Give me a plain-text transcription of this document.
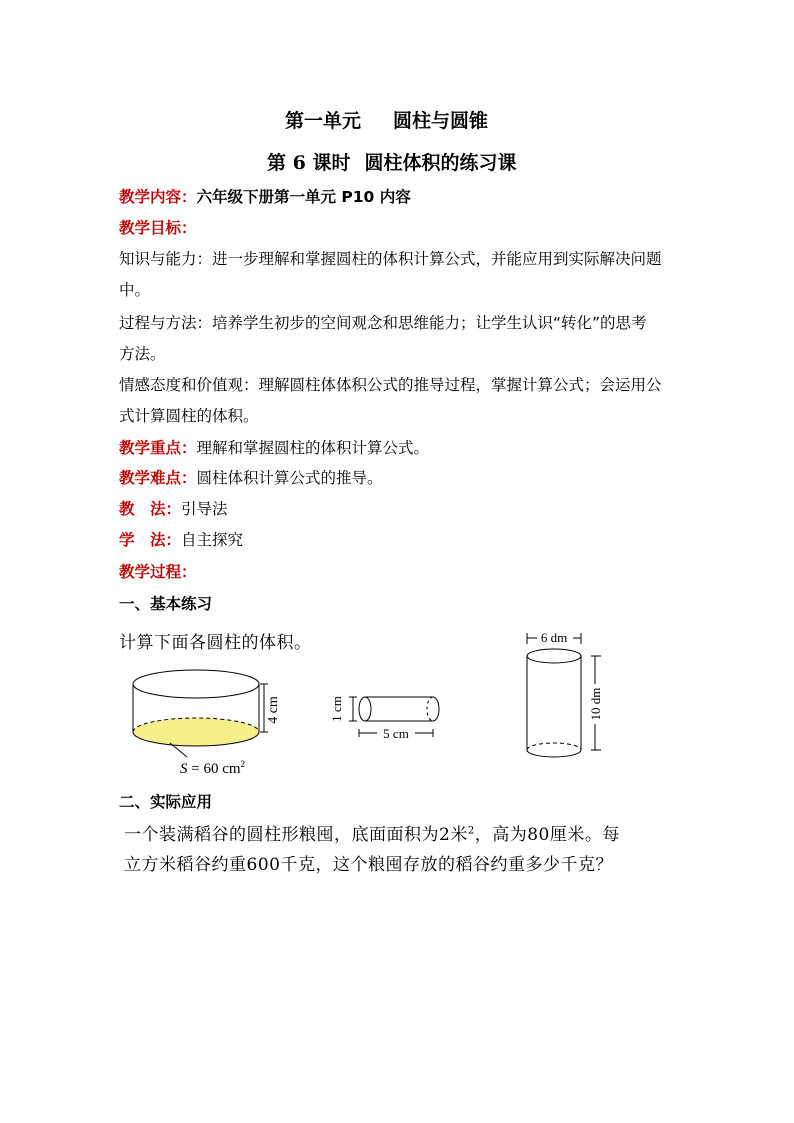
第一单元 圆柱与圆锥
第 6 课时 圆柱体积的练习课
教学内容：六年级下册第一单元 P10 内容
教学目标：
知识与能力：进一步理解和掌握圆柱的体积计算公式，并能应用到实际解决问题
中。
过程与方法：培养学生初步的空间观念和思维能力；让学生认识“转化”的思考
方法。
情感态度和价值观：理解圆柱体体积公式的推导过程，掌握计算公式；会运用公
式计算圆柱的体积。
教学重点：理解和掌握圆柱的体积计算公式。
教学难点：圆柱体积计算公式的推导。
教　法：引导法
学　法：自主探究
教学过程：
一、基本练习
计算下面各圆柱的体积。
4 cm
S = 60 $cm^2$
1 cm
5 cm
6 dm
10 dm
二、实际应用
一个装满稻谷的圆柱形粮囤，底面面积为2米$^2$，高为80厘米。每
立方米稻谷约重600千克，这个粮囤存放的稻谷约重多少千克？
